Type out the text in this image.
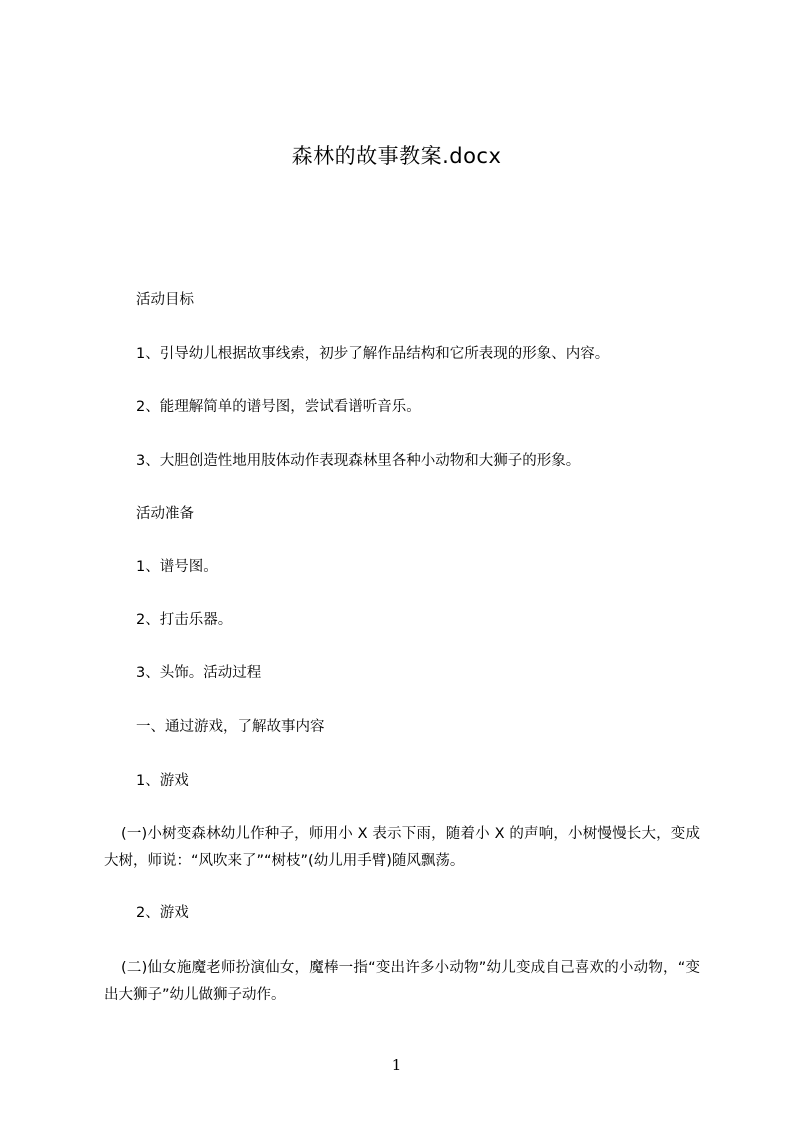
森林的故事教案.docx
活动目标
1、引导幼儿根据故事线索，初步了解作品结构和它所表现的形象、内容。
2、能理解简单的谱号图，尝试看谱听音乐。
3、大胆创造性地用肢体动作表现森林里各种小动物和大狮子的形象。
活动准备
1、谱号图。
2、打击乐器。
3、头饰。活动过程
一、通过游戏，了解故事内容
1、游戏
(一)小树变森林幼儿作种子，师用小 X 表示下雨，随着小 X 的声响，小树慢慢长大，变成大树，师说：“风吹来了”“树枝”(幼儿用手臂)随风飘荡。
2、游戏
(二)仙女施魔老师扮演仙女，魔棒一指“变出许多小动物”幼儿变成自己喜欢的小动物，“变出大狮子”幼儿做狮子动作。
1
